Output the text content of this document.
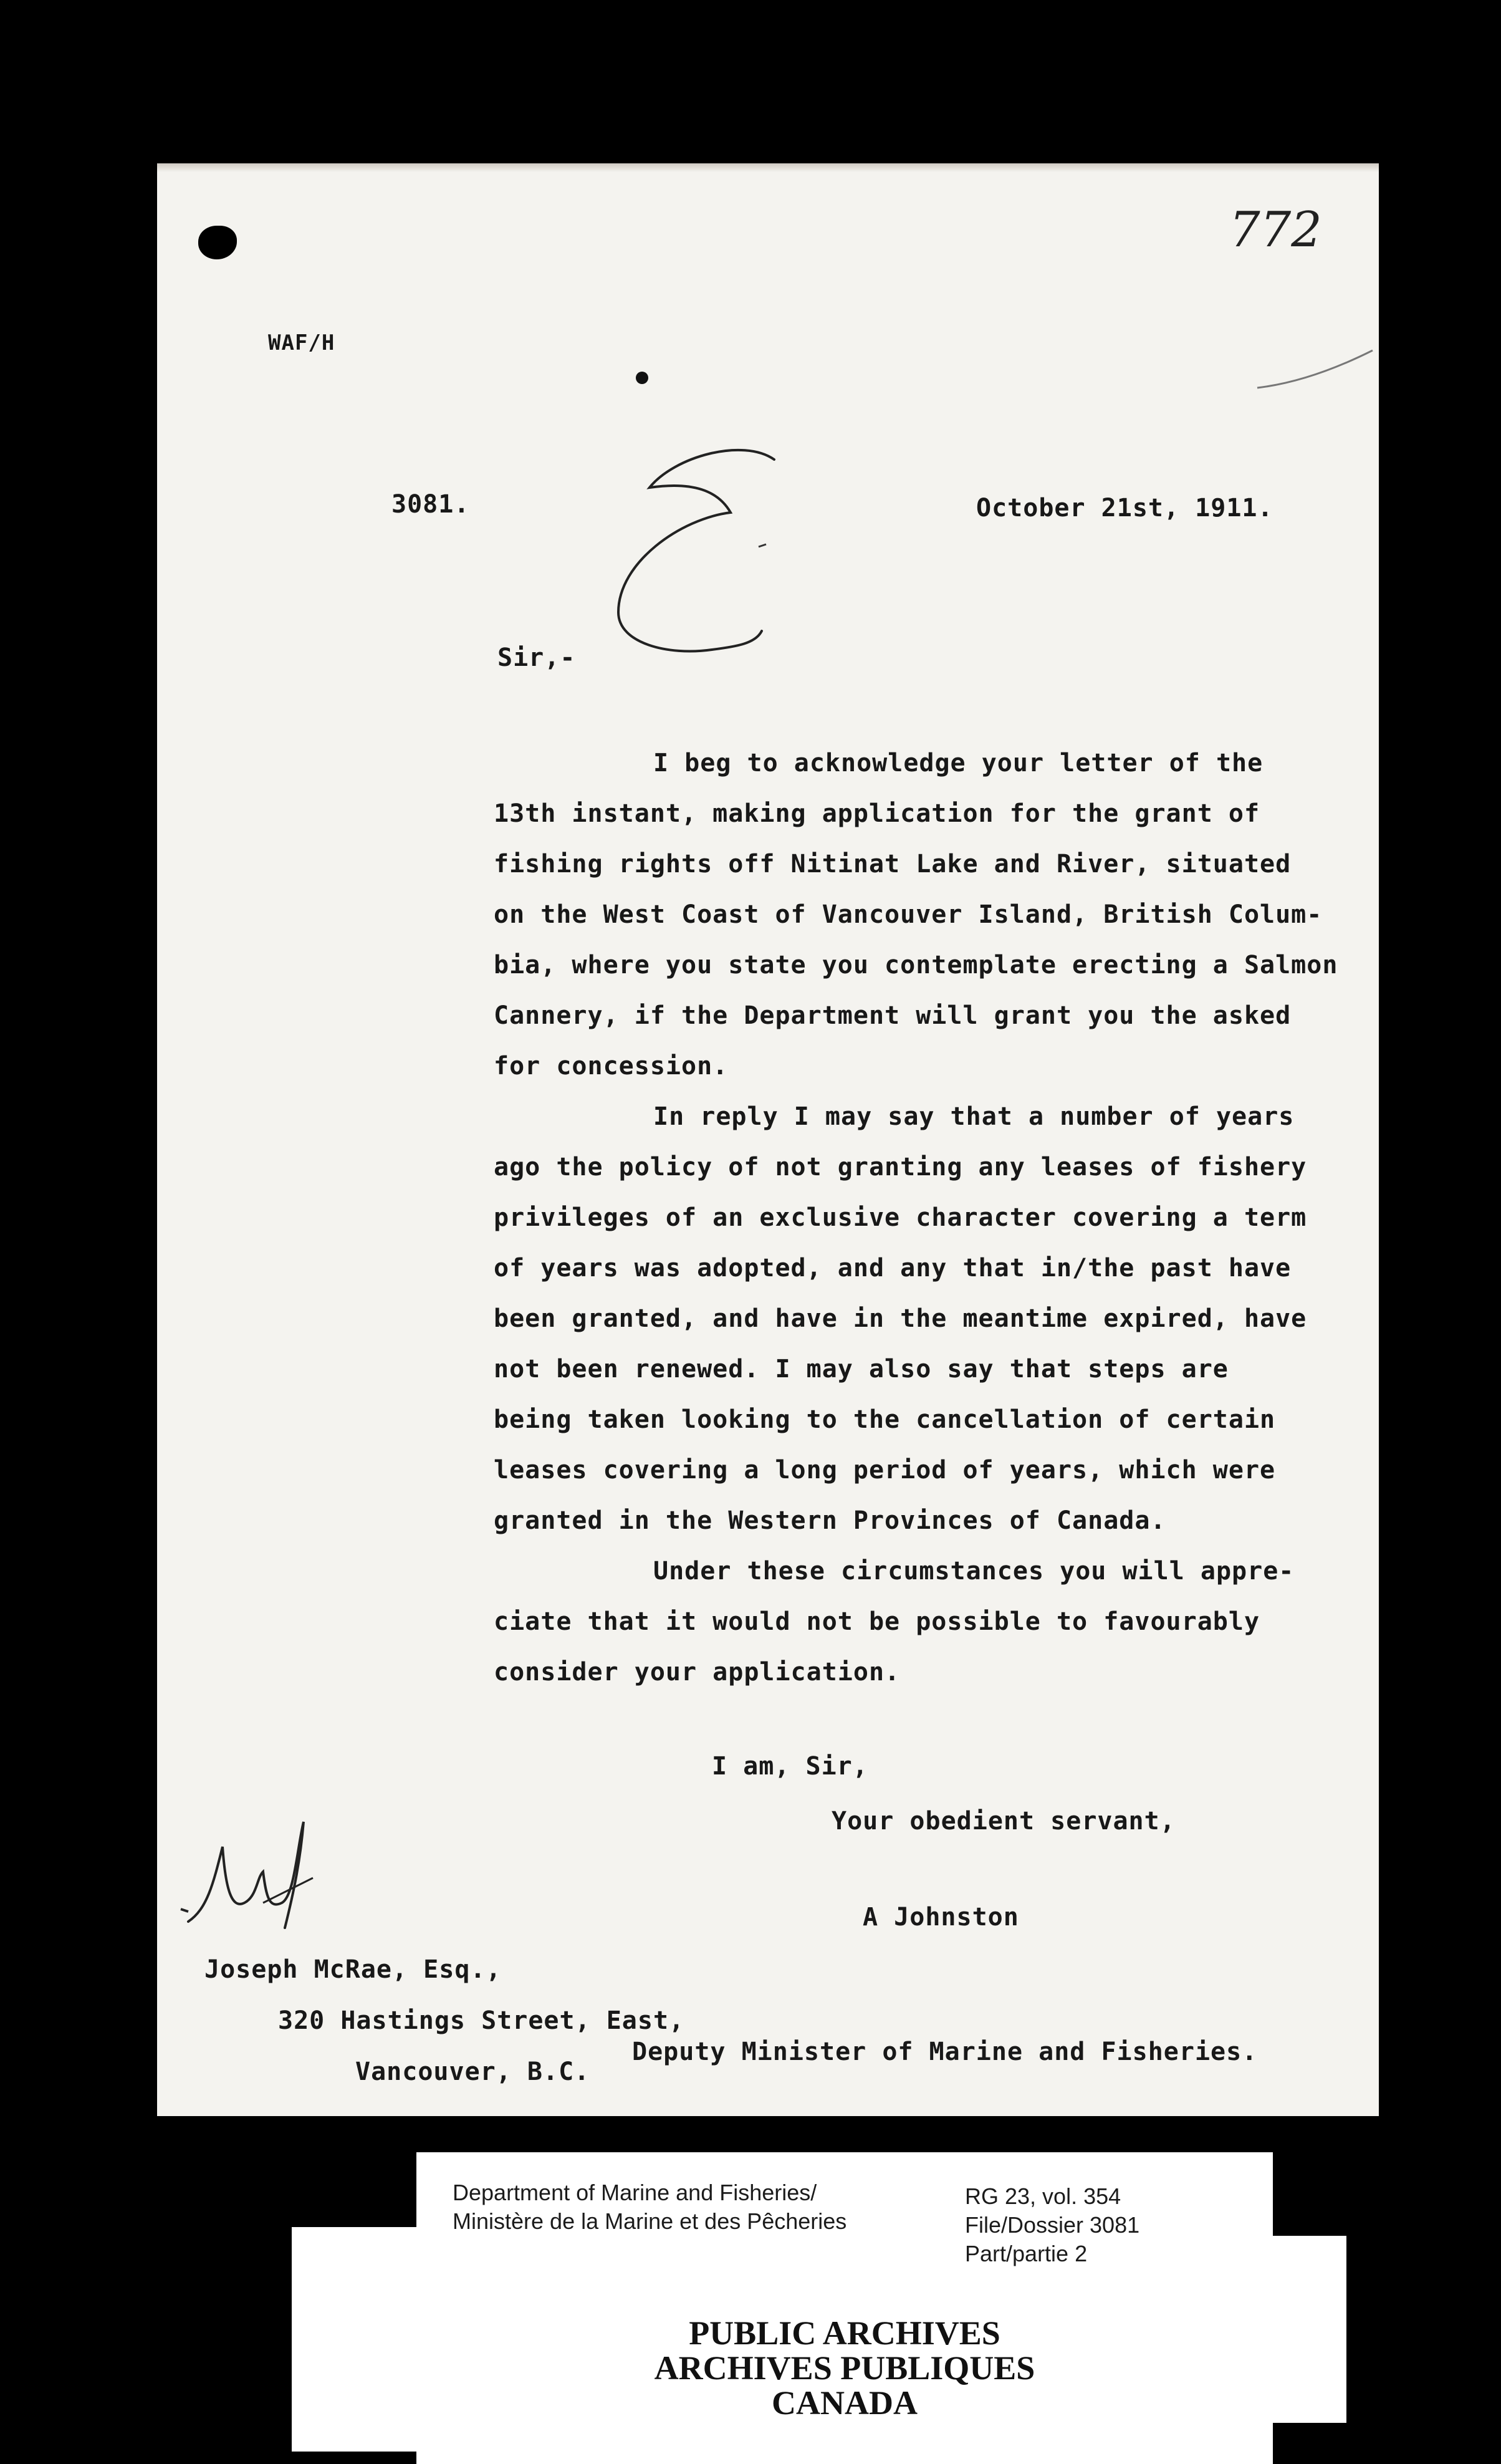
772
WAF/H
3081.	October 21st, 1911.
Sir,-
I beg to acknowledge your letter of the
13th instant, making application for the grant of
fishing rights off Nitinat Lake and River, situated
on the West Coast of Vancouver Island, British Colum-
bia, where you state you contemplate erecting a Salmon
Cannery, if the Department will grant you the asked
for concession.
In reply I may say that a number of years
ago the policy of not granting any leases of fishery
privileges of an exclusive character covering a term
of years was adopted, and any that in/the past have
been granted, and have in the meantime expired, have
not been renewed. I may also say that steps are
being taken looking to the cancellation of certain
leases covering a long period of years, which were
granted in the Western Provinces of Canada.
Under these circumstances you will appre-
ciate that it would not be possible to favourably
consider your application.
I am, Sir,
Your obedient servant,
A Johnston
Joseph McRae, Esq.,
320 Hastings Street, East,
Vancouver, B.C.
Deputy Minister of Marine and Fisheries.
Department of Marine and Fisheries/
Ministère de la Marine et des Pêcheries
RG 23, vol. 354
File/Dossier 3081
Part/partie 2
PUBLIC ARCHIVES
ARCHIVES PUBLIQUES
CANADA
